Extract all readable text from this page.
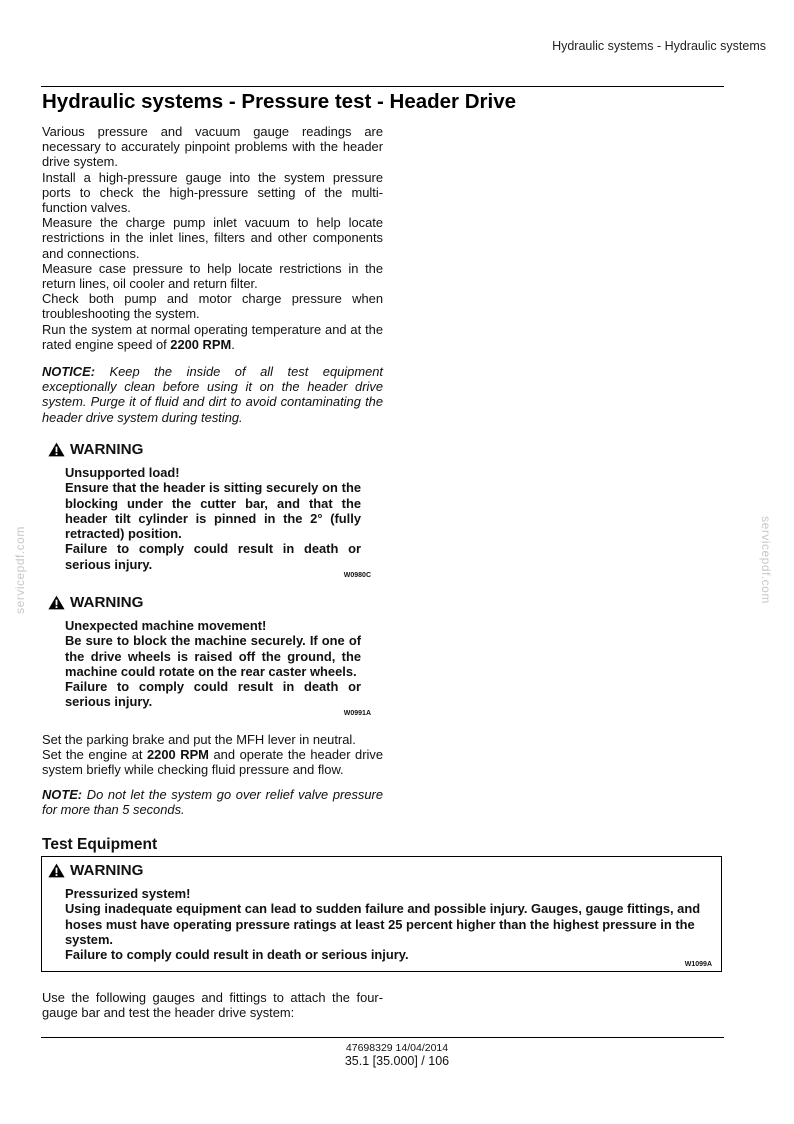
Hydraulic systems - Hydraulic systems
Hydraulic systems - Pressure test - Header Drive

Various pressure and vacuum gauge readings are necessary to accurately pinpoint problems with the header drive system.

Install a high-pressure gauge into the system pressure ports to check the high-pressure setting of the multi-function valves.

Measure the charge pump inlet vacuum to help locate restrictions in the inlet lines, filters and other components and connections.

Measure case pressure to help locate restrictions in the return lines, oil cooler and return filter.

Check both pump and motor charge pressure when troubleshooting the system.

Run the system at normal operating temperature and at the rated engine speed of 2200 RPM.

NOTICE: Keep the inside of all test equipment exceptionally clean before using it on the header drive system. Purge it of fluid and dirt to avoid contaminating the header drive system during testing.
WARNING
Unsupported load!
Ensure that the header is sitting securely on the blocking under the cutter bar, and that the header tilt cylinder is pinned in the 2° (fully retracted) position.
Failure to comply could result in death or serious injury.
W0980C
WARNING
Unexpected machine movement!
Be sure to block the machine securely. If one of the drive wheels is raised off the ground, the machine could rotate on the rear caster wheels.
Failure to comply could result in death or serious injury.
W0991A

Set the parking brake and put the MFH lever in neutral.

Set the engine at 2200 RPM and operate the header drive system briefly while checking fluid pressure and flow.

NOTE: Do not let the system go over relief valve pressure for more than 5 seconds.
Test Equipment
WARNING
Pressurized system!
Using inadequate equipment can lead to sudden failure and possible injury. Gauges, gauge fittings, and hoses must have operating pressure ratings at least 25 percent higher than the highest pressure in the system.
Failure to comply could result in death or serious injury.
W1099A

Use the following gauges and fittings to attach the four-gauge bar and test the header drive system:

servicepdf.com	servicepdf.com
47698329 14/04/2014
35.1 [35.000] / 106
